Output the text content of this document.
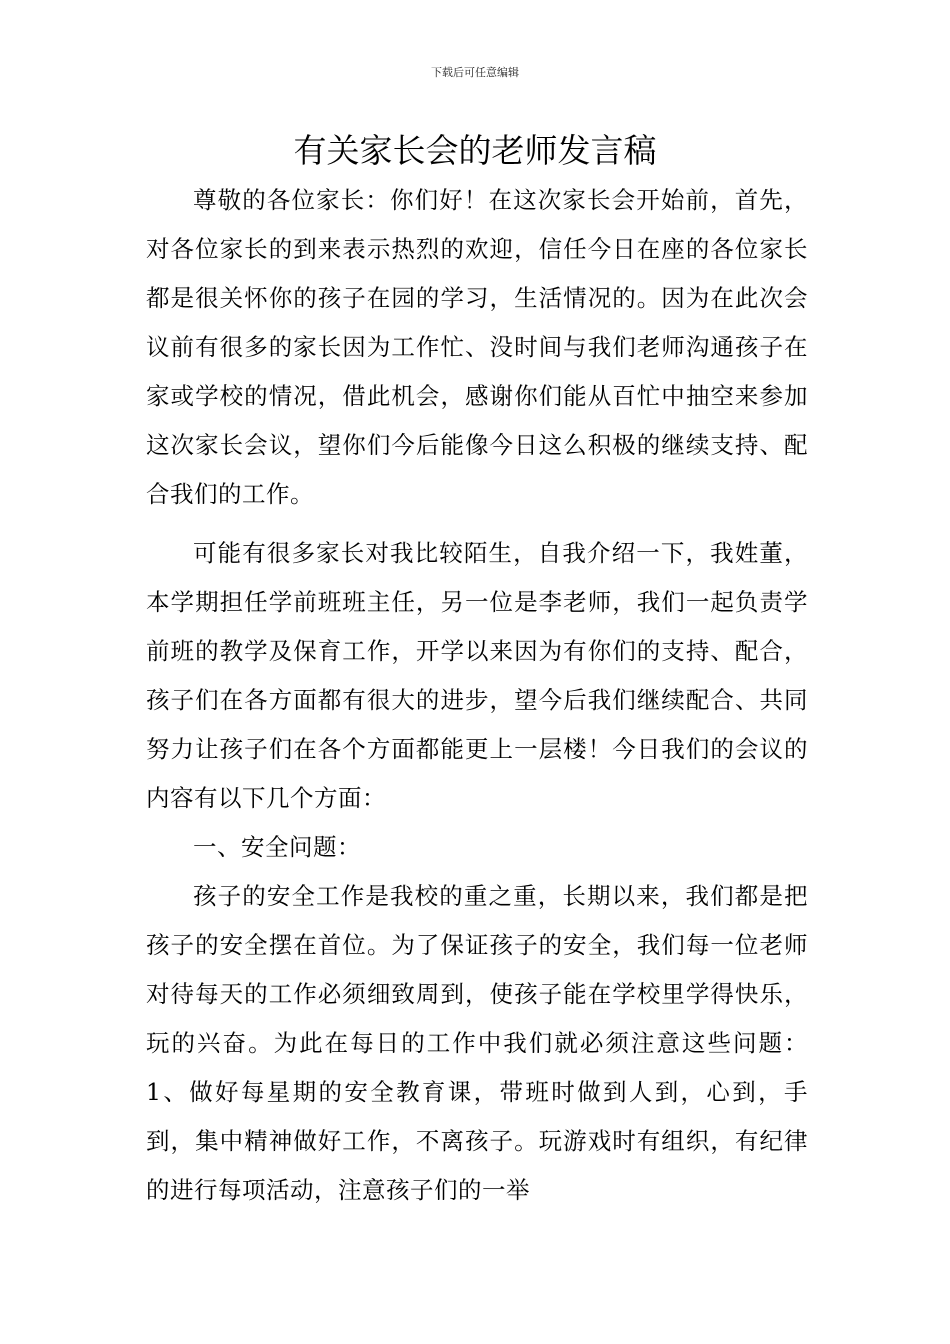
下载后可任意编辑
有关家长会的老师发言稿

尊敬的各位家长：你们好！在这次家长会开始前，首先，对各位家长的到来表示热烈的欢迎，信任今日在座的各位家长都是很关怀你的孩子在园的学习，生活情况的。因为在此次会议前有很多的家长因为工作忙、没时间与我们老师沟通孩子在家或学校的情况，借此机会，感谢你们能从百忙中抽空来参加这次家长会议，望你们今后能像今日这么积极的继续支持、配合我们的工作。

可能有很多家长对我比较陌生，自我介绍一下，我姓董，本学期担任学前班班主任，另一位是李老师，我们一起负责学前班的教学及保育工作，开学以来因为有你们的支持、配合，孩子们在各方面都有很大的进步，望今后我们继续配合、共同努力让孩子们在各个方面都能更上一层楼！今日我们的会议的内容有以下几个方面：

一、安全问题：

孩子的安全工作是我校的重之重，长期以来，我们都是把孩子的安全摆在首位。为了保证孩子的安全，我们每一位老师对待每天的工作必须细致周到，使孩子能在学校里学得快乐，玩的兴奋。为此在每日的工作中我们就必须注意这些问题：1、做好每星期的安全教育课，带班时做到人到，心到，手到，集中精神做好工作，不离孩子。玩游戏时有组织，有纪律的进行每项活动，注意孩子们的一举
